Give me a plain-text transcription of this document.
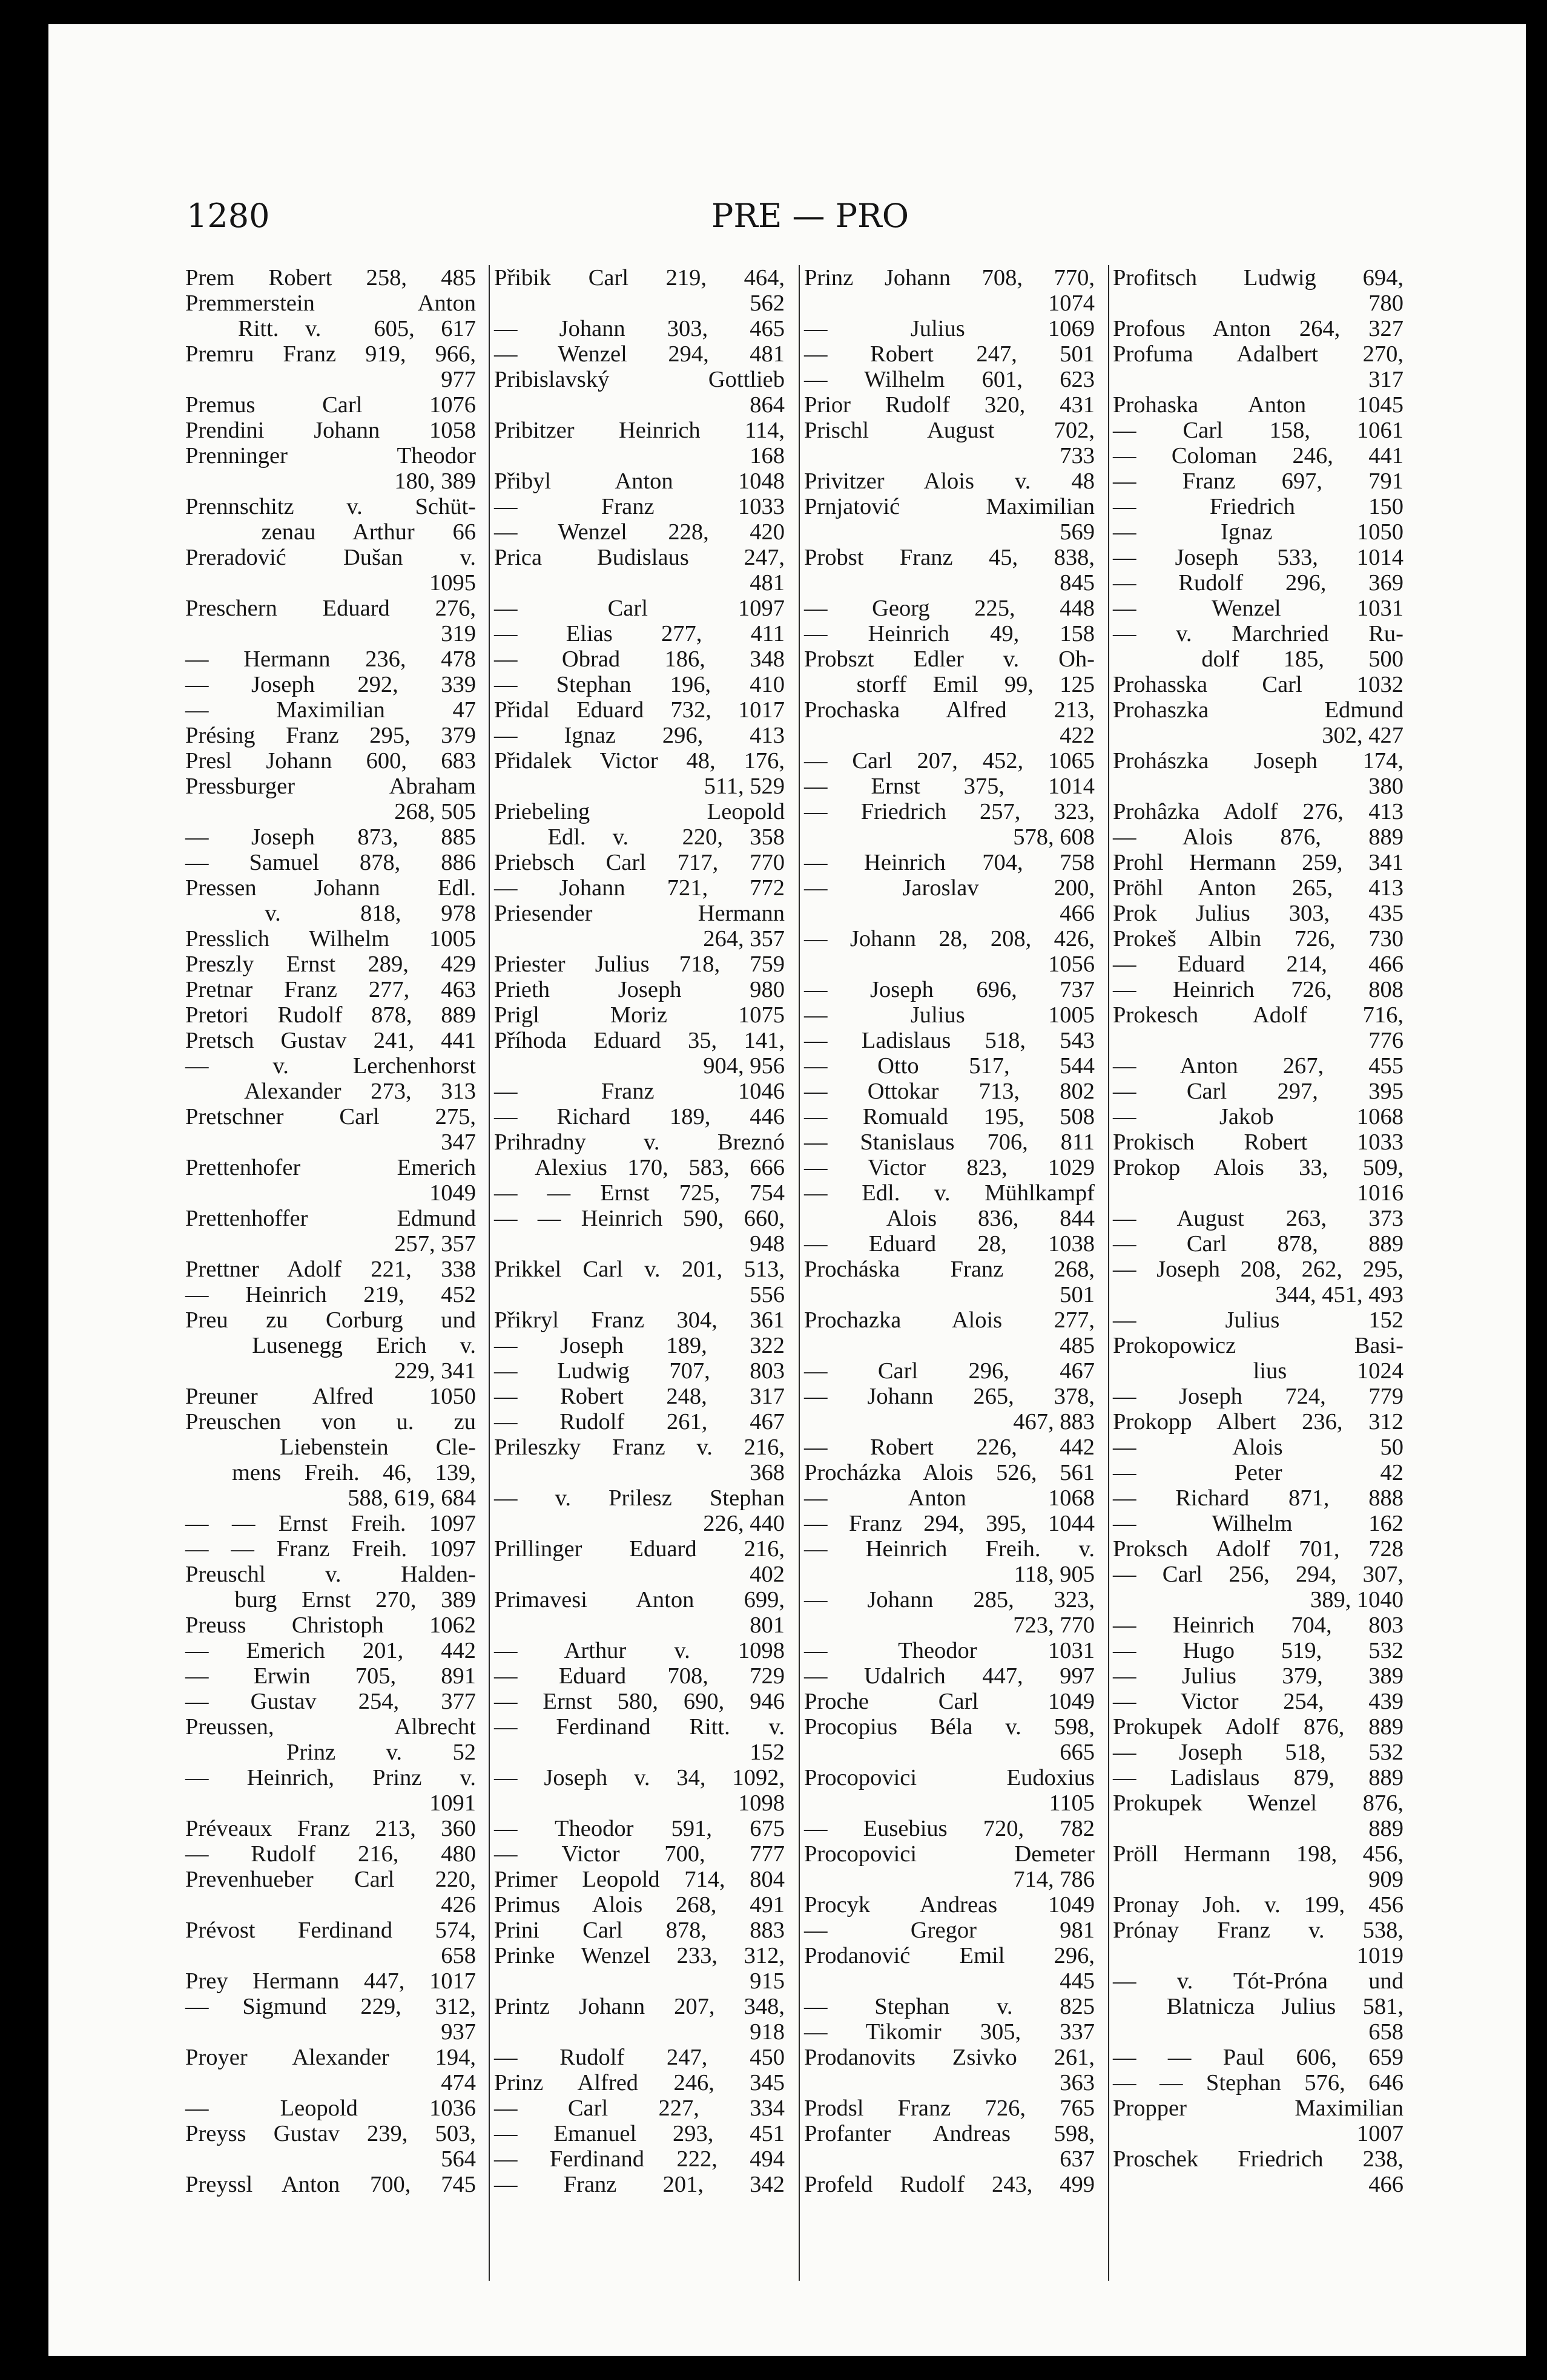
1280	PRE — PRO

Prem Robert 258, 485

Premmerstein Anton

Ritt. v.  605, 617

Premru Franz 919, 966,

977

Premus Carl 1076

Prendini Johann 1058

Prenninger Theodor

180, 389

Prennschitz v. Schüt-

zenau Arthur 66

Preradović Dušan v.

1095

Preschern Eduard 276,

319

— Hermann 236, 478

— Joseph 292, 339

— Maximilian 47

Présing Franz 295, 379

Presl Johann 600, 683

Pressburger Abraham

268, 505

— Joseph 873, 885

— Samuel 878, 886

Pressen Johann Edl.

v.  818, 978

Presslich Wilhelm 1005

Preszly Ernst 289, 429

Pretnar Franz 277, 463

Pretori Rudolf 878, 889

Pretsch Gustav 241, 441

— v. Lerchenhorst

Alexander 273, 313

Pretschner Carl 275,

347

Prettenhofer Emerich

1049

Prettenhoffer Edmund

257, 357

Prettner Adolf 221, 338

— Heinrich 219, 452

Preu zu Corburg und

Lusenegg Erich v.

229, 341

Preuner Alfred 1050

Preuschen von u. zu

Liebenstein Cle-

mens Freih. 46, 139,

588, 619, 684

— — Ernst Freih. 1097

— — Franz Freih. 1097

Preuschl v. Halden-

burg Ernst 270, 389

Preuss Christoph 1062

— Emerich 201, 442

— Erwin 705, 891

— Gustav 254, 377

Preussen, Albrecht

Prinz v. 52

— Heinrich, Prinz v.

1091

Préveaux Franz 213, 360

— Rudolf 216, 480

Prevenhueber Carl 220,

426

Prévost Ferdinand 574,

658

Prey Hermann 447, 1017

— Sigmund 229, 312,

937

Proyer Alexander 194,

474

— Leopold 1036

Preyss Gustav 239, 503,

564

Preyssl Anton 700, 745

Přibik Carl 219, 464,

562

— Johann 303, 465

— Wenzel 294, 481

Pribislavský Gottlieb

864

Pribitzer Heinrich 114,

168

Přibyl Anton 1048

— Franz 1033

— Wenzel 228, 420

Prica Budislaus 247,

481

— Carl 1097

— Elias 277, 411

— Obrad 186, 348

— Stephan 196, 410

Přidal Eduard 732, 1017

— Ignaz 296, 413

Přidalek Victor 48, 176,

511, 529

Priebeling Leopold

Edl. v.  220, 358

Priebsch Carl 717, 770

— Johann 721, 772

Priesender Hermann

264, 357

Priester Julius 718, 759

Prieth Joseph 980

Prigl Moriz 1075

Příhoda Eduard 35, 141,

904, 956

— Franz 1046

— Richard 189, 446

Prihradny v. Breznó

Alexius 170, 583, 666

— — Ernst 725, 754

— — Heinrich 590, 660,

948

Prikkel Carl v. 201, 513,

556

Přikryl Franz 304, 361

— Joseph 189, 322

— Ludwig 707, 803

— Robert 248, 317

— Rudolf 261, 467

Prileszky Franz v. 216,

368

— v. Prilesz Stephan

226, 440

Prillinger Eduard 216,

402

Primavesi Anton 699,

801

— Arthur v. 1098

— Eduard 708, 729

— Ernst 580, 690, 946

— Ferdinand Ritt. v.

152

— Joseph v. 34, 1092,

1098

— Theodor 591, 675

— Victor 700, 777

Primer Leopold 714, 804

Primus Alois 268, 491

Prini Carl 878, 883

Prinke Wenzel 233, 312,

915

Printz Johann 207, 348,

918

— Rudolf 247, 450

Prinz Alfred 246, 345

— Carl 227, 334

— Emanuel 293, 451

— Ferdinand 222, 494

— Franz 201, 342

Prinz Johann 708, 770,

1074

— Julius 1069

— Robert 247, 501

— Wilhelm 601, 623

Prior Rudolf 320, 431

Prischl August 702,

733

Privitzer Alois v. 48

Prnjatović Maximilian

569

Probst Franz 45, 838,

845

— Georg 225, 448

— Heinrich 49, 158

Probszt Edler v. Oh-

storff Emil 99, 125

Prochaska Alfred 213,

422

— Carl 207, 452, 1065

— Ernst 375, 1014

— Friedrich 257, 323,

578, 608

— Heinrich 704, 758

— Jaroslav 200,

466

— Johann 28, 208, 426,

1056

— Joseph 696, 737

— Julius 1005

— Ladislaus 518, 543

— Otto 517, 544

— Ottokar 713, 802

— Romuald 195, 508

— Stanislaus 706, 811

— Victor 823, 1029

— Edl. v. Mühlkampf

Alois 836, 844

— Eduard 28, 1038

Procháska Franz 268,

501

Prochazka Alois 277,

485

— Carl 296, 467

— Johann 265, 378,

467, 883

— Robert 226, 442

Procházka Alois 526, 561

— Anton 1068

— Franz 294, 395, 1044

— Heinrich Freih. v.

118, 905

— Johann 285, 323,

723, 770

— Theodor 1031

— Udalrich 447, 997

Proche Carl 1049

Procopius Béla v. 598,

665

Procopovici Eudoxius

1105

— Eusebius 720, 782

Procopovici Demeter

714, 786

Procyk Andreas 1049

— Gregor 981

Prodanović Emil 296,

445

— Stephan v. 825

— Tikomir 305, 337

Prodanovits Zsivko 261,

363

Prodsl Franz 726, 765

Profanter Andreas 598,

637

Profeld Rudolf 243, 499

Profitsch Ludwig 694,

780

Profous Anton 264, 327

Profuma Adalbert 270,

317

Prohaska Anton 1045

— Carl 158, 1061

— Coloman 246, 441

— Franz 697, 791

— Friedrich 150

— Ignaz 1050

— Joseph 533, 1014

— Rudolf 296, 369

— Wenzel 1031

— v. Marchried Ru-

dolf 185, 500

Prohasska Carl 1032

Prohaszka Edmund

302, 427

Prohászka Joseph 174,

380

Prohâzka Adolf 276, 413

— Alois 876, 889

Prohl Hermann 259, 341

Pröhl Anton 265, 413

Prok Julius 303, 435

Prokeš Albin 726, 730

— Eduard 214, 466

— Heinrich 726, 808

Prokesch Adolf 716,

776

— Anton 267, 455

— Carl 297, 395

— Jakob 1068

Prokisch Robert 1033

Prokop Alois 33, 509,

1016

— August 263, 373

— Carl 878, 889

— Joseph 208, 262, 295,

344, 451, 493

— Julius 152

Prokopowicz Basi-

lius 1024

— Joseph 724, 779

Prokopp Albert 236, 312

— Alois 50

— Peter 42

— Richard 871, 888

— Wilhelm 162

Proksch Adolf 701, 728

— Carl 256, 294, 307,

389, 1040

— Heinrich 704, 803

— Hugo 519, 532

— Julius 379, 389

— Victor 254, 439

Prokupek Adolf 876, 889

— Joseph 518, 532

— Ladislaus 879, 889

Prokupek Wenzel 876,

889

Pröll Hermann 198, 456,

909

Pronay Joh. v. 199, 456

Prónay Franz v. 538,

1019

— v. Tót-Próna und

Blatnicza Julius 581,

658

— — Paul 606, 659

— — Stephan 576, 646

Propper Maximilian

1007

Proschek Friedrich 238,

466
